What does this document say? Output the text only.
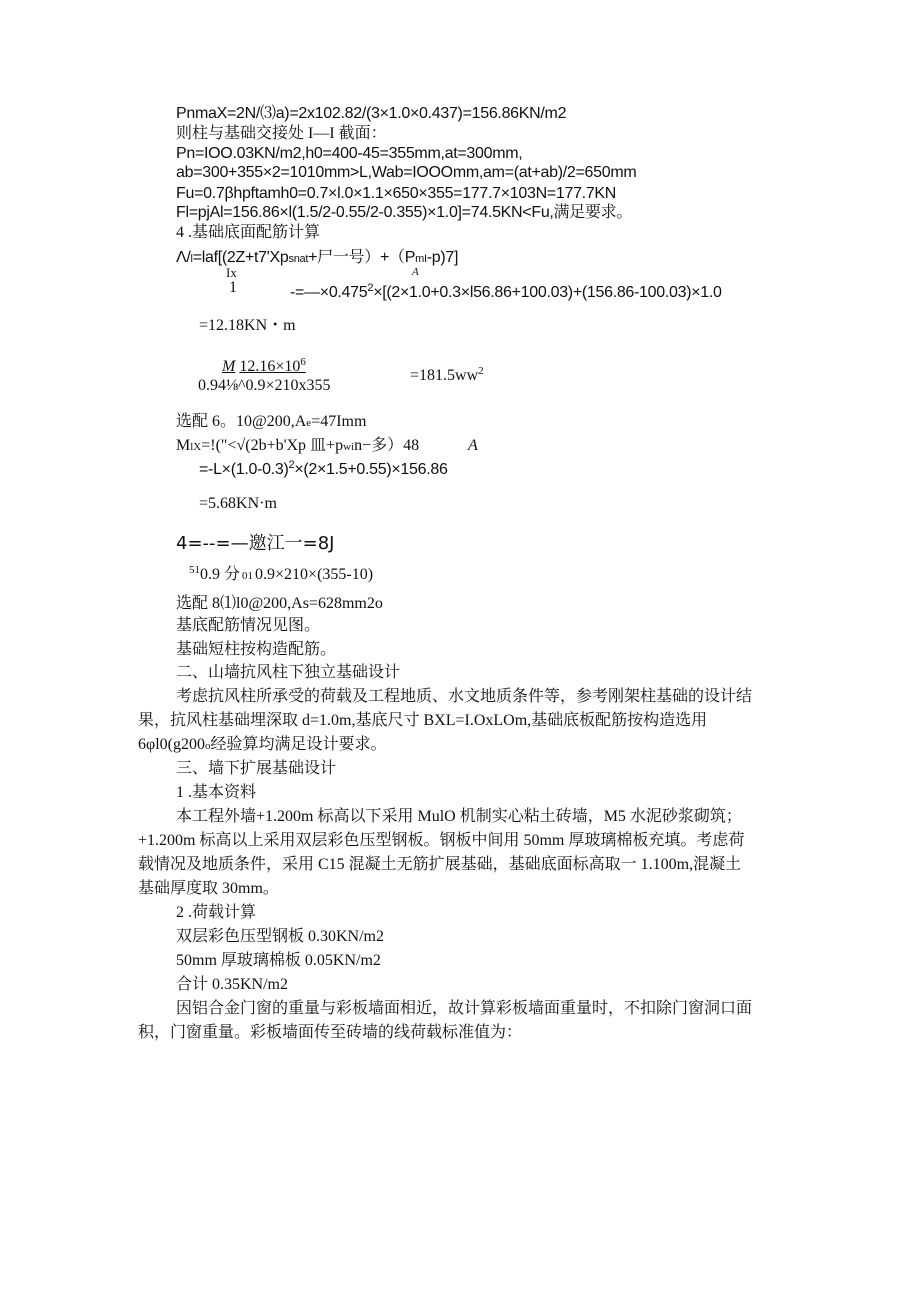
PnmaX=2N/⑶a)=2x102.82/(3×1.0×0.437)=156.86KN/m2
则柱与基础交接处 I—I 截面：
Pn=IOO.03KN/m2,h0=400-45=355mm,at=300mm,
ab=300+355×2=1010mm>L,Wab=IOOOmm,am=(at+ab)/2=650mm
Fu=0.7βhpftamh0=0.7×l.0×1.1×650×355=177.7×103N=177.7KN
Fl=pjAl=156.86×l(1.5/2-0.55/2-0.355)×1.0]=74.5KN<Fu,满足要求。
4 .基础底面配筋计算
Λ/l=laf[(2Z+t7'Xpsnat+尸一号）+（PmI-p)7]
Ix	A
1	$-=—\times 0.475^2\times[(2\times 1.0+0.3\times l56.86+100.03)+(156.86-100.03)\times 1.0$
=12.18KN・m
M $12.16\times 10^6$
0.94⅛^0.9×210x355
$=181.5ww^2$
选配 6。10@200,Ae=47Imm
MlX=!("<√(2b+b'Xp 皿+pwin−多）48	A
$=-L\times(1.0-0.3)^2\times(2\times 1.5+0.55)\times 156.86$
=5.68KN·m
4=--=—邀江一=8J
$^{51}$0.9 分 01 0.9×210×(355-10)
选配 8⑴l0@200,As=628mm2o
基底配筋情况见图。
基础短柱按构造配筋。
二、山墙抗风柱下独立基础设计
考虑抗风柱所承受的荷载及工程地质、水文地质条件等，参考刚架柱基础的设计结
果，抗风柱基础埋深取 d=1.0m,基底尺寸 BXL=I.OxLOm,基础底板配筋按构造选用
6φl0(g200o经验算均满足设计要求。
三、墙下扩展基础设计
1 .基本资料
本工程外墙+1.200m 标高以下采用 MulO 机制实心粘土砖墙，M5 水泥砂浆砌筑；
+1.200m 标高以上采用双层彩色压型钢板。钢板中间用 50mm 厚玻璃棉板充填。考虑荷
载情况及地质条件，采用 C15 混凝土无筋扩展基础，基础底面标高取一 1.100m,混凝土
基础厚度取 30mm。
2 .荷载计算
双层彩色压型钢板 0.30KN/m2
50mm 厚玻璃棉板 0.05KN/m2
合计 0.35KN/m2
因铝合金门窗的重量与彩板墙面相近，故计算彩板墙面重量时，不扣除门窗洞口面
积，门窗重量。彩板墙面传至砖墙的线荷载标准值为：
